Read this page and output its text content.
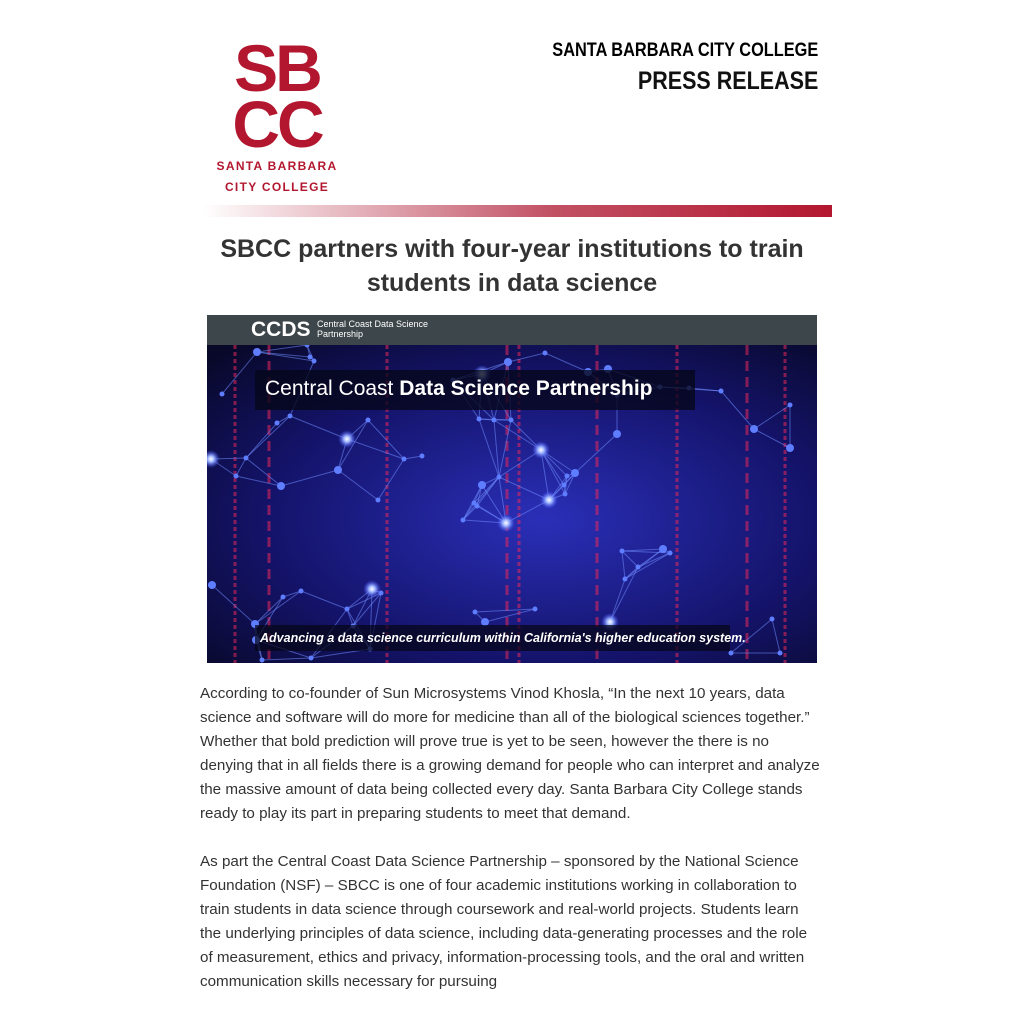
SB
CC
SANTA BARBARA
CITY COLLEGE
SANTA BARBARA CITY COLLEGE
PRESS RELEASE
SBCC partners with four-year institutions to train students in data science
CCDS Central Coast Data Science Partnership
Central Coast Data Science Partnership
Advancing a data science curriculum within California's higher education system.

According to co-founder of Sun Microsystems Vinod Khosla, “In the next 10 years, data science and software will do more for medicine than all of the biological sciences together.” Whether that bold prediction will prove true is yet to be seen, however the there is no denying that in all fields there is a growing demand for people who can interpret and analyze the massive amount of data being collected every day. Santa Barbara City College stands ready to play its part in preparing students to meet that demand.

As part the Central Coast Data Science Partnership – sponsored by the National Science Foundation (NSF) – SBCC is one of four academic institutions working in collaboration to train students in data science through coursework and real-world projects. Students learn the underlying principles of data science, including data-generating processes and the role of measurement, ethics and privacy, information-processing tools, and the oral and written communication skills necessary for pursuing
